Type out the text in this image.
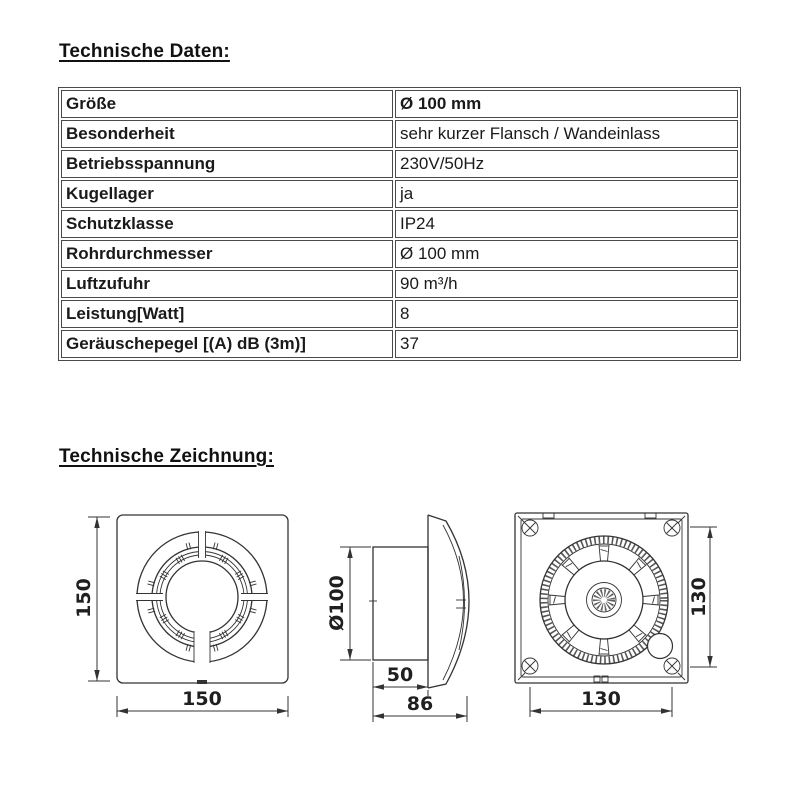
Technische Daten:
Größe	Ø 100 mm
Besonderheit	sehr kurzer Flansch / Wandeinlass
Betriebsspannung	230V/50Hz
Kugellager	ja
Schutzklasse	IP24
Rohrdurchmesser	Ø 100 mm
Luftzufuhr	90 m³/h
Leistung[Watt]	8
Geräuschepegel [(A) dB (3m)]	37
Technische Zeichnung:
150
150
Ø100
50
86
130
130
